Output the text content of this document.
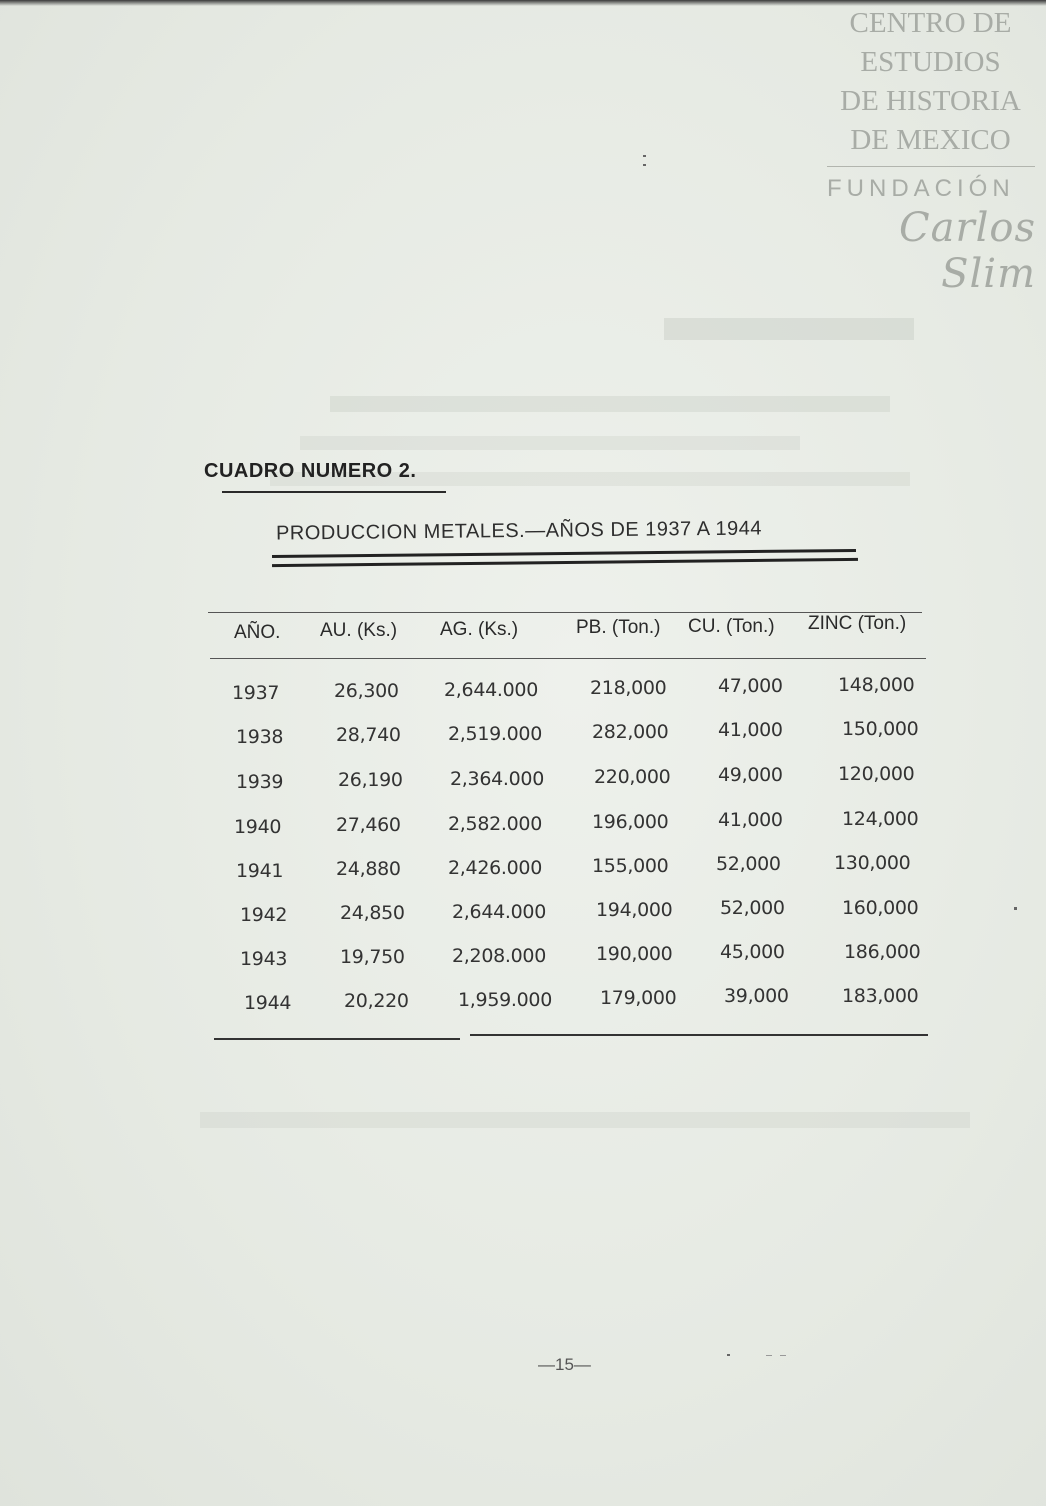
CENTRO DE
ESTUDIOS
DE HISTORIA
DE MEXICO
FUNDACIÓN
Carlos Slim
CUADRO NUMERO 2.
PRODUCCION METALES.—AÑOS DE 1937 A 1944
AÑO. AU. (Ks.) AG. (Ks.)	PB. (Ton.) CU. (Ton.) ZINC (Ton.)
1937	26,300 2,644.000	218,000	47,000	148,000
1938	28,740 2,519.000	282,000	41,000	150,000
1939	26,190 2,364.000	220,000	49,000	120,000
1940	27,460 2,582.000	196,000	41,000	124,000
1941	24,880 2,426.000	155,000	52,000	130,000
1942	24,850 2,644.000	194,000	52,000	160,000
1943	19,750 2,208.000	190,000	45,000	186,000
1944	20,220	1,959.000	179,000	39,000	183,000
—15—
